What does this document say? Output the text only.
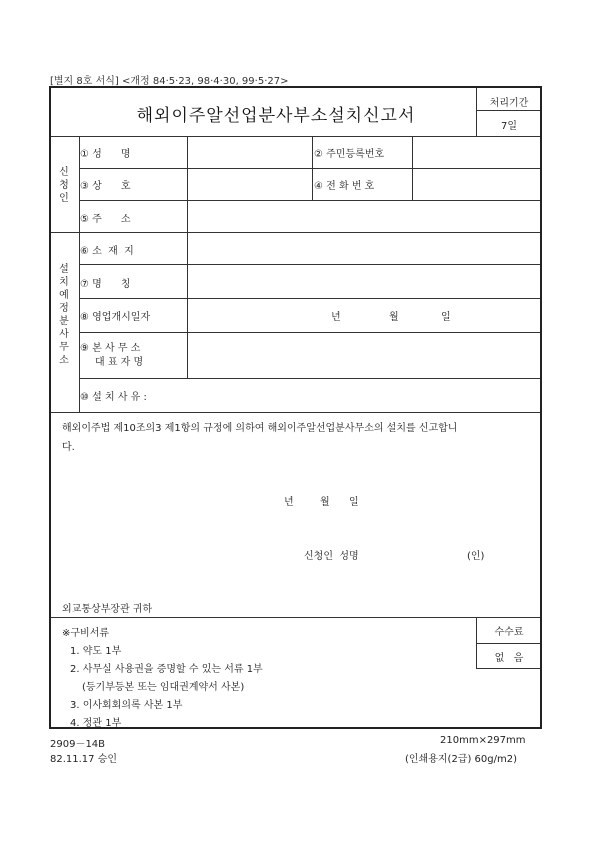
[별지 8호 서식] <개정 84·5·23, 98·4·30, 99·5·27>
해외이주알선업분사부소설치신고서
처리기간
7일
신
청
인
① 성      명	② 주민등록번호
③ 상      호	④ 전 화 번 호
⑤ 주      소
설
치
예
정
분
사
무
소
⑥ 소  재  지
⑦ 명      칭
⑧ 영업개시일자	년	월	일
⑨ 본 사 무 소
대 표 자 명
⑩ 설 치 사 유 :
해외이주법 제10조의3 제1항의 규정에 의하여 해외이주알선업분사무소의 설치를 신고합니
다.
년	월 일
신청인  성명	(인)
외교통상부장관 귀하
※구비서류
1. 약도 1부
2. 사무실 사용권을 증명할 수 있는 서류 1부
(등기부등본 또는 임대권계약서 사본)
3. 이사회회의록 사본 1부
4. 정관 1부
수수료
없   음
2909－14B
82.11.17 승인
210mm×297mm
(인쇄용지(2급) 60g/m2)
